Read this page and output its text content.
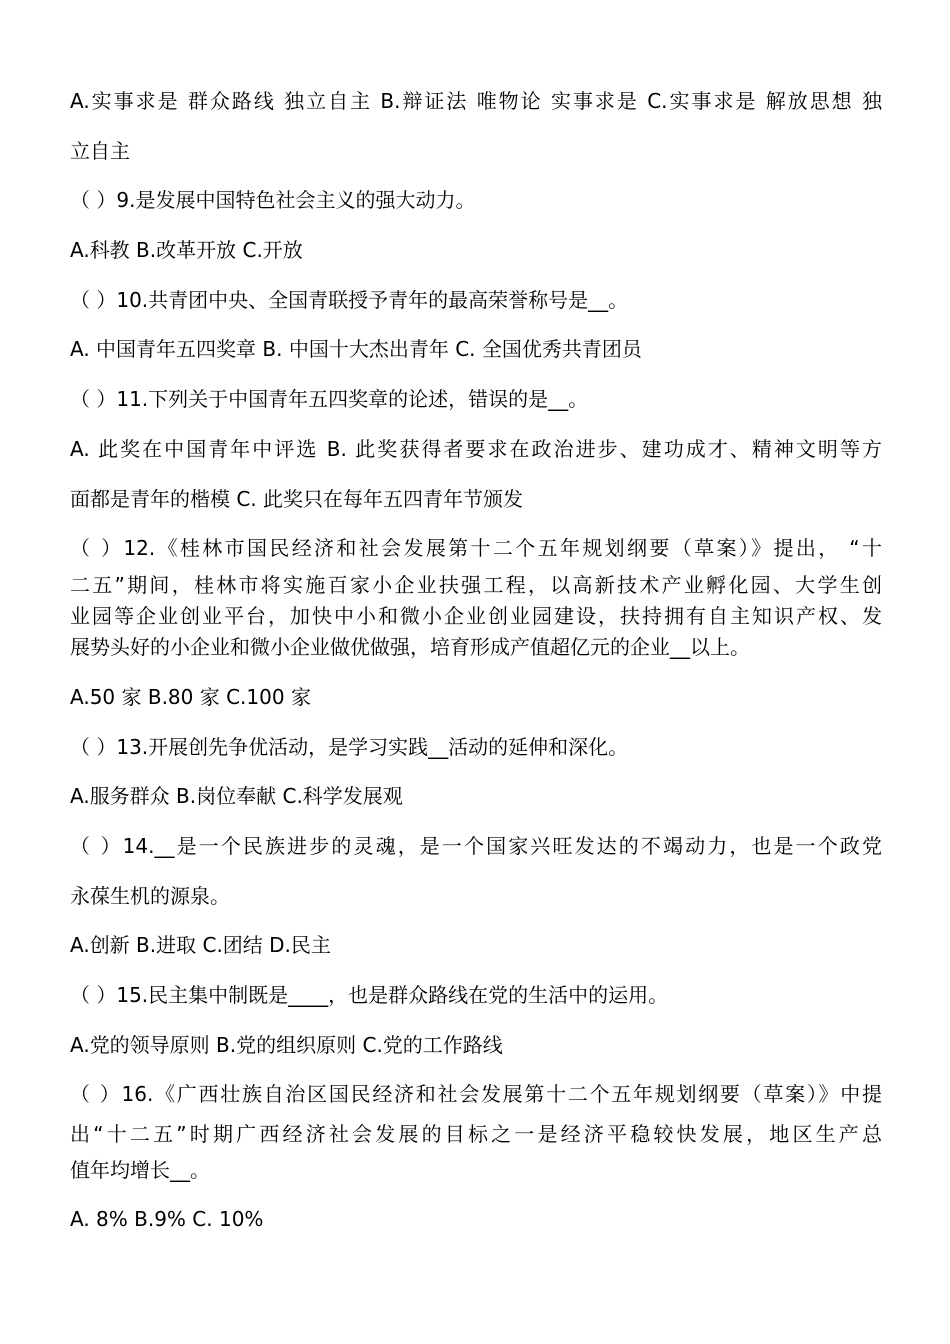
A.实事求是 群众路线 独立自主 B.辩证法 唯物论 实事求是 C.实事求是 解放思想 独

立自主

（ ）9.是发展中国特色社会主义的强大动力。

A.科教 B.改革开放 C.开放

（ ）10.共青团中央、全国青联授予青年的最高荣誉称号是__。

A. 中国青年五四奖章 B. 中国十大杰出青年 C. 全国优秀共青团员

（ ）11.下列关于中国青年五四奖章的论述，错误的是__。

A. 此奖在中国青年中评选 B. 此奖获得者要求在政治进步、建功成才、精神文明等方

面都是青年的楷模 C. 此奖只在每年五四青年节颁发

（ ）12.《桂林市国民经济和社会发展第十二个五年规划纲要（草案）》提出， “十

二五”期间，桂林市将实施百家小企业扶强工程，以高新技术产业孵化园、大学生创

业园等企业创业平台，加快中小和微小企业创业园建设，扶持拥有自主知识产权、发

展势头好的小企业和微小企业做优做强，培育形成产值超亿元的企业__以上。

A.50 家 B.80 家 C.100 家

（ ）13.开展创先争优活动，是学习实践__活动的延伸和深化。

A.服务群众 B.岗位奉献 C.科学发展观

（ ）14.__是一个民族进步的灵魂，是一个国家兴旺发达的不竭动力，也是一个政党

永葆生机的源泉。

A.创新 B.进取 C.团结 D.民主

（ ）15.民主集中制既是____，也是群众路线在党的生活中的运用。

A.党的领导原则 B.党的组织原则 C.党的工作路线

（ ）16.《广西壮族自治区国民经济和社会发展第十二个五年规划纲要（草案）》中提

出“十二五”时期广西经济社会发展的目标之一是经济平稳较快发展，地区生产总

值年均增长__。

A. 8% B.9% C. 10%
